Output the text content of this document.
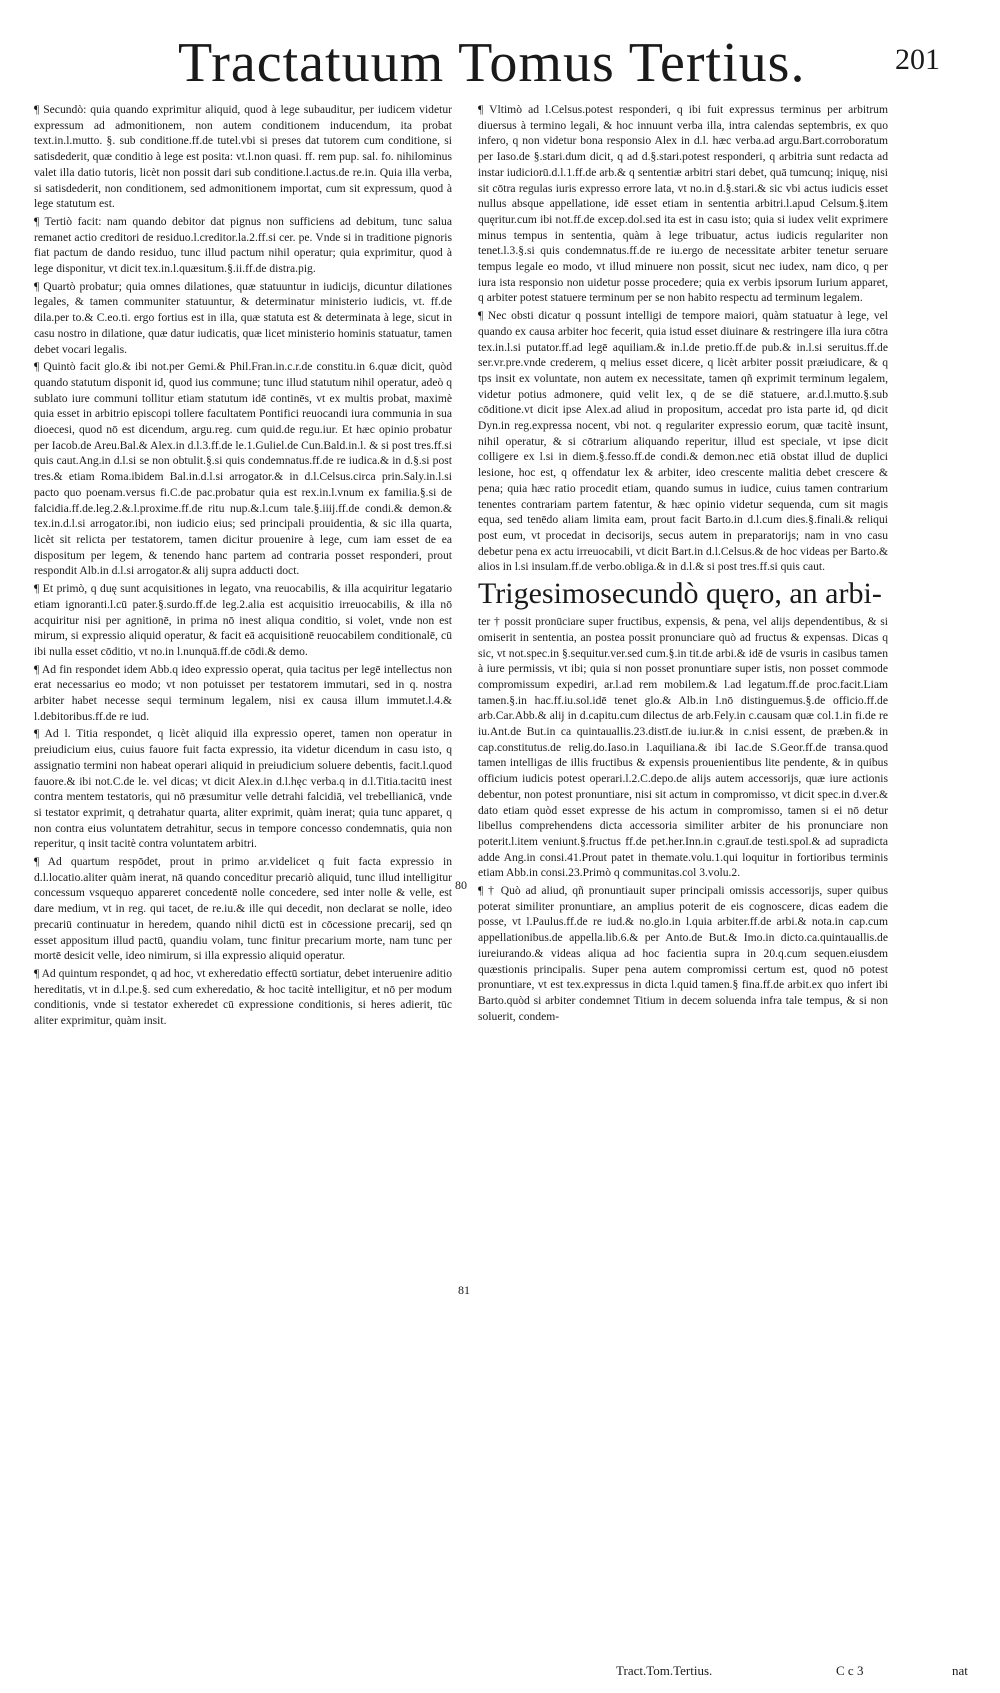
Tractatuum Tomus Tertius.	201

¶ Secundò: quia quando exprimitur aliquid, quod à lege subauditur, per iudicem videtur expressum ad admonitionem, non autem conditionem inducendum, ita probat text.in.l.mutto. §. sub conditione.ff.de tutel.vbi si preses dat tutorem cum conditione, si satisdederit, quæ conditio à lege est posita: vt.l.non quasi. ff. rem pup. sal. fo. nihilominus valet illa datio tutoris, licèt non possit dari sub conditione.l.actus.de re.in. Quia illa verba, si satisdederit, non conditionem, sed admonitionem importat, cum sit expressum, quod à lege statutum est.

¶ Tertiò facit: nam quando debitor dat pignus non sufficiens ad debitum, tunc salua remanet actio creditori de residuo.l.creditor.la.2.ff.si cer. pe. Vnde si in traditione pignoris fiat pactum de dando residuo, tunc illud pactum nihil operatur; quia exprimitur, quod à lege disponitur, vt dicit tex.in.l.quæsitum.§.ii.ff.de distra.pig.

¶ Quartò probatur; quia omnes dilationes, quæ statuuntur in iudicijs, dicuntur dilationes legales, & tamen communiter statuuntur, & determinatur ministerio iudicis, vt. ff.de dila.per to.& C.eo.ti. ergo fortius est in illa, quæ statuta est & determinata à lege, sicut in casu nostro in dilatione, quæ datur iudicatis, quæ licet ministerio hominis statuatur, tamen debet vocari legalis.

¶ Quintò facit glo.& ibi not.per Gemi.& Phil.Fran.in.c.r.de constitu.in 6.quæ dicit, quòd quando statutum disponit id, quod ius commune; tunc illud statutum nihil operatur, adeò q sublato iure communi tollitur etiam statutum idē continēs, vt ex multis probat, maximè quia esset in arbitrio episcopi tollere facultatem Pontifici reuocandi iura communia in sua dioecesi, quod nō est dicendum, argu.reg. cum quid.de regu.iur. Et hæc opinio probatur per Iacob.de Areu.Bal.& Alex.in d.l.3.ff.de le.1.Guliel.de Cun.Bald.in.l. & si post tres.ff.si quis caut.Ang.in d.l.si se non obtulit.§.si quis condemnatus.ff.de re iudica.& in d.§.si post tres.& etiam Roma.ibidem Bal.in.d.l.si arrogator.& in d.l.Celsus.circa prin.Saly.in.l.si pacto quo poenam.versus fi.C.de pac.probatur quia est rex.in.l.vnum ex familia.§.si de falcidia.ff.de.leg.2.&.l.proxime.ff.de ritu nup.&.l.cum tale.§.iiij.ff.de condi.& demon.& tex.in.d.l.si arrogator.ibi, non iudicio eius; sed principali prouidentia, & sic illa quarta, licèt sit relicta per testatorem, tamen dicitur prouenire à lege, cum iam esset de ea dispositum per legem, & tenendo hanc partem ad contraria posset responderi, prout respondit Alb.in d.l.si arrogator.& alij supra adducti doct.

¶ Et primò, q duę sunt acquisitiones in legato, vna reuocabilis, & illa acquiritur legatario etiam ignoranti.l.cū pater.§.surdo.ff.de leg.2.alia est acquisitio irreuocabilis, & illa nō acquiritur nisi per agnitionē, in prima nō inest aliqua conditio, si volet, vnde non est mirum, si expressio aliquid operatur, & facit eā acquisitionē reuocabilem conditionalē, cū ibi nulla esset cōditio, vt no.in l.nunquā.ff.de cōdi.& demo.

¶ Ad fin respondet idem Abb.q ideo expressio operat, quia tacitus per legē intellectus non erat necessarius eo modo; vt non potuisset per testatorem immutari, sed in q. nostra arbiter habet necesse sequi terminum legalem, nisi ex causa illum immutet.l.4.& l.debitoribus.ff.de re iud.

¶ Ad l. Titia respondet, q licèt aliquid illa expressio operet, tamen non operatur in preiudicium eius, cuius fauore fuit facta expressio, ita videtur dicendum in casu isto, q assignatio termini non habeat operari aliquid in preiudicium soluere debentis, facit.l.quod fauore.& ibi not.C.de le. vel dicas; vt dicit Alex.in d.l.hęc verba.q in d.l.Titia.tacitū inest contra mentem testatoris, qui nō præsumitur velle detrahi falcidiā, vel trebellianicā, vnde si testator exprimit, q detrahatur quarta, aliter exprimit, quàm inerat; quia tunc apparet, q non contra eius voluntatem detrahitur, secus in tempore concesso condemnatis, quia non reperitur, q insit tacitè contra voluntatem arbitri.

¶ Ad quartum respōdet, prout in primo ar.videlicet q fuit facta expressio in d.l.locatio.aliter quàm inerat, nā quando conceditur precariò aliquid, tunc illud intelligitur concessum vsquequo appareret concedentē nolle concedere, sed inter nolle & velle, est dare medium, vt in reg. qui tacet, de re.iu.& ille qui decedit, non declarat se nolle, ideo precariū continuatur in heredem, quando nihil dictū est in cōcessione precarij, sed qn esset appositum illud pactū, quandiu volam, tunc finitur precarium morte, nam tunc per mortē desicit velle, ideo nimirum, si illa expressio aliquid operatur.

¶ Ad quintum respondet, q ad hoc, vt exheredatio effectū sortiatur, debet interuenire aditio hereditatis, vt in d.l.pe.§. sed cum exheredatio, & hoc tacitè intelligitur, et nō per modum conditionis, vnde si testator exheredet cū expressione conditionis, si heres adierit, tūc aliter exprimitur, quàm insit.

80
81

¶ Vltimò ad l.Celsus.potest responderi, q ibi fuit expressus terminus per arbitrum diuersus à termino legali, & hoc innuunt verba illa, intra calendas septembris, ex quo infero, q non videtur bona responsio Alex in d.l. hæc verba.ad argu.Bart.corroboratum per Iaso.de §.stari.dum dicit, q ad d.§.stari.potest responderi, q arbitria sunt redacta ad instar iudiciorū.d.l.1.ff.de arb.& q sententiæ arbitri stari debet, quā tumcunq; iniquę, nisi sit cōtra regulas iuris expresso errore lata, vt no.in d.§.stari.& sic vbi actus iudicis esset nullus absque appellatione, idē esset etiam in sententia arbitri.l.apud Celsum.§.item quęritur.cum ibi not.ff.de excep.dol.sed ita est in casu isto; quia si iudex velit exprimere minus tempus in sententia, quàm à lege tribuatur, actus iudicis regulariter non tenet.l.3.§.si quis condemnatus.ff.de re iu.ergo de necessitate arbiter tenetur seruare tempus legale eo modo, vt illud minuere non possit, sicut nec iudex, nam dico, q per iura ista responsio non uidetur posse procedere; quia ex verbis ipsorum Iurium apparet, q arbiter potest statuere terminum per se non habito respectu ad terminum legalem.

¶ Nec obsti dicatur q possunt intelligi de tempore maiori, quàm statuatur à lege, vel quando ex causa arbiter hoc fecerit, quia istud esset diuinare & restringere illa iura cōtra tex.in.l.si putator.ff.ad legē aquiliam.& in.l.de pretio.ff.de pub.& in.l.si seruitus.ff.de ser.vr.pre.vnde crederem, q melius esset dicere, q licèt arbiter possit præiudicare, & q tps insit ex voluntate, non autem ex necessitate, tamen qñ exprimit terminum legalem, videtur potius admonere, quid velit lex, q de se diē statuere, ar.d.l.mutto.§.sub cōditione.vt dicit ipse Alex.ad aliud in propositum, accedat pro ista parte id, qd dicit Dyn.in reg.expressa nocent, vbi not. q regulariter expressio eorum, quæ tacitè insunt, nihil operatur, & si cōtrarium aliquando reperitur, illud est speciale, vt ipse dicit colligere ex l.si in diem.§.fesso.ff.de condi.& demon.nec etiā obstat illud de duplici lesione, hoc est, q offendatur lex & arbiter, ideo crescente malitia debet crescere & pena; quia hæc ratio procedit etiam, quando sumus in iudice, cuius tamen contrarium tenentes contrariam partem fatentur, & hæc opinio videtur sequenda, cum sit magis equa, sed tenēdo aliam limita eam, prout facit Barto.in d.l.cum dies.§.finali.& reliqui post eum, vt procedat in decisorijs, secus autem in preparatorijs; nam in vno casu debetur pena ex actu irreuocabili, vt dicit Bart.in d.l.Celsus.& de hoc videas per Barto.& alios in l.si insulam.ff.de verbo.obliga.& in d.l.& si post tres.ff.si quis caut.

Trigesimosecundò quęro, an arbi-

ter † possit pronūciare super fructibus, expensis, & pena, vel alijs dependentibus, & si omiserit in sententia, an postea possit pronunciare quò ad fructus & expensas. Dicas q sic, vt not.spec.in §.sequitur.ver.sed cum.§.in tit.de arbi.& idē de vsuris in casibus tamen à iure permissis, vt ibi; quia si non posset pronuntiare super istis, non posset commode compromissum expediri, ar.l.ad rem mobilem.& l.ad legatum.ff.de proc.facit.Liam tamen.§.in hac.ff.iu.sol.idē tenet glo.& Alb.in l.nō distinguemus.§.de officio.ff.de arb.Car.Abb.& alij in d.capitu.cum dilectus de arb.Fely.in c.causam quæ col.1.in fi.de re iu.Ant.de But.in ca quintauallis.23.distī.de iu.iur.& in c.nisi essent, de præben.& in cap.constitutus.de relig.do.Iaso.in l.aquiliana.& ibi Iac.de S.Geor.ff.de transa.quod tamen intelligas de illis fructibus & expensis prouenientibus lite pendente, & in quibus officium iudicis potest operari.l.2.C.depo.de alijs autem accessorijs, quæ iure actionis debentur, non potest pronuntiare, nisi sit actum in compromisso, vt dicit spec.in d.ver.& dato etiam quòd esset expresse de his actum in compromisso, tamen si ei nō detur libellus comprehendens dicta accessoria similiter arbiter de his pronunciare non poterit.l.item veniunt.§.fructus ff.de pet.her.Inn.in c.grauī.de testi.spol.& ad supradicta adde Ang.in consi.41.Prout patet in themate.volu.1.qui loquitur in fortioribus terminis etiam Abb.in consi.23.Primò q communitas.col 3.volu.2.

¶ † Quò ad aliud, qñ pronuntiauit super principali omissis accessorijs, super quibus poterat similiter pronuntiare, an amplius poterit de eis cognoscere, dicas eadem die posse, vt l.Paulus.ff.de re iud.& no.glo.in l.quia arbiter.ff.de arbi.& nota.in cap.cum appellationibus.de appella.lib.6.& per Anto.de But.& Imo.in dicto.ca.quintauallis.de iureiurando.& videas aliqua ad hoc facientia supra in 20.q.cum sequen.eiusdem quæstionis principalis. Super pena autem compromissi certum est, quod nō potest pronuntiare, vt est tex.expressus in dicta l.quid tamen.§ fina.ff.de arbit.ex quo infert ibi Barto.quòd si arbiter condemnet Titium in decem soluenda infra tale tempus, & si non soluerit, condem-

Tract.Tom.Tertius.	C c 3	nat
